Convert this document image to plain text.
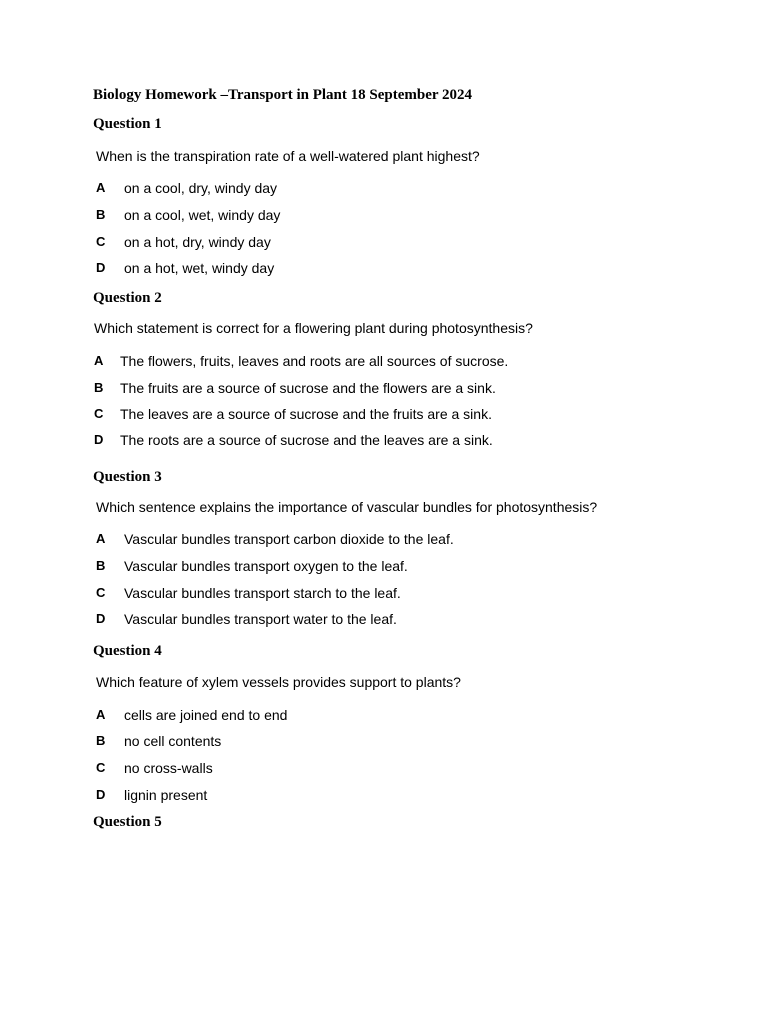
Biology Homework –Transport in Plant 18 September 2024
Question 1
When is the transpiration rate of a well-watered plant highest?
A on a cool, dry, windy day
B on a cool, wet, windy day
C on a hot, dry, windy day
D on a hot, wet, windy day
Question 2
Which statement is correct for a flowering plant during photosynthesis?
A The flowers, fruits, leaves and roots are all sources of sucrose.
B The fruits are a source of sucrose and the flowers are a sink.
C The leaves are a source of sucrose and the fruits are a sink.
D The roots are a source of sucrose and the leaves are a sink.
Question 3
Which sentence explains the importance of vascular bundles for photosynthesis?
A Vascular bundles transport carbon dioxide to the leaf.
B Vascular bundles transport oxygen to the leaf.
C Vascular bundles transport starch to the leaf.
D Vascular bundles transport water to the leaf.
Question 4
Which feature of xylem vessels provides support to plants?
A cells are joined end to end
B no cell contents
C no cross-walls
D lignin present
Question 5
